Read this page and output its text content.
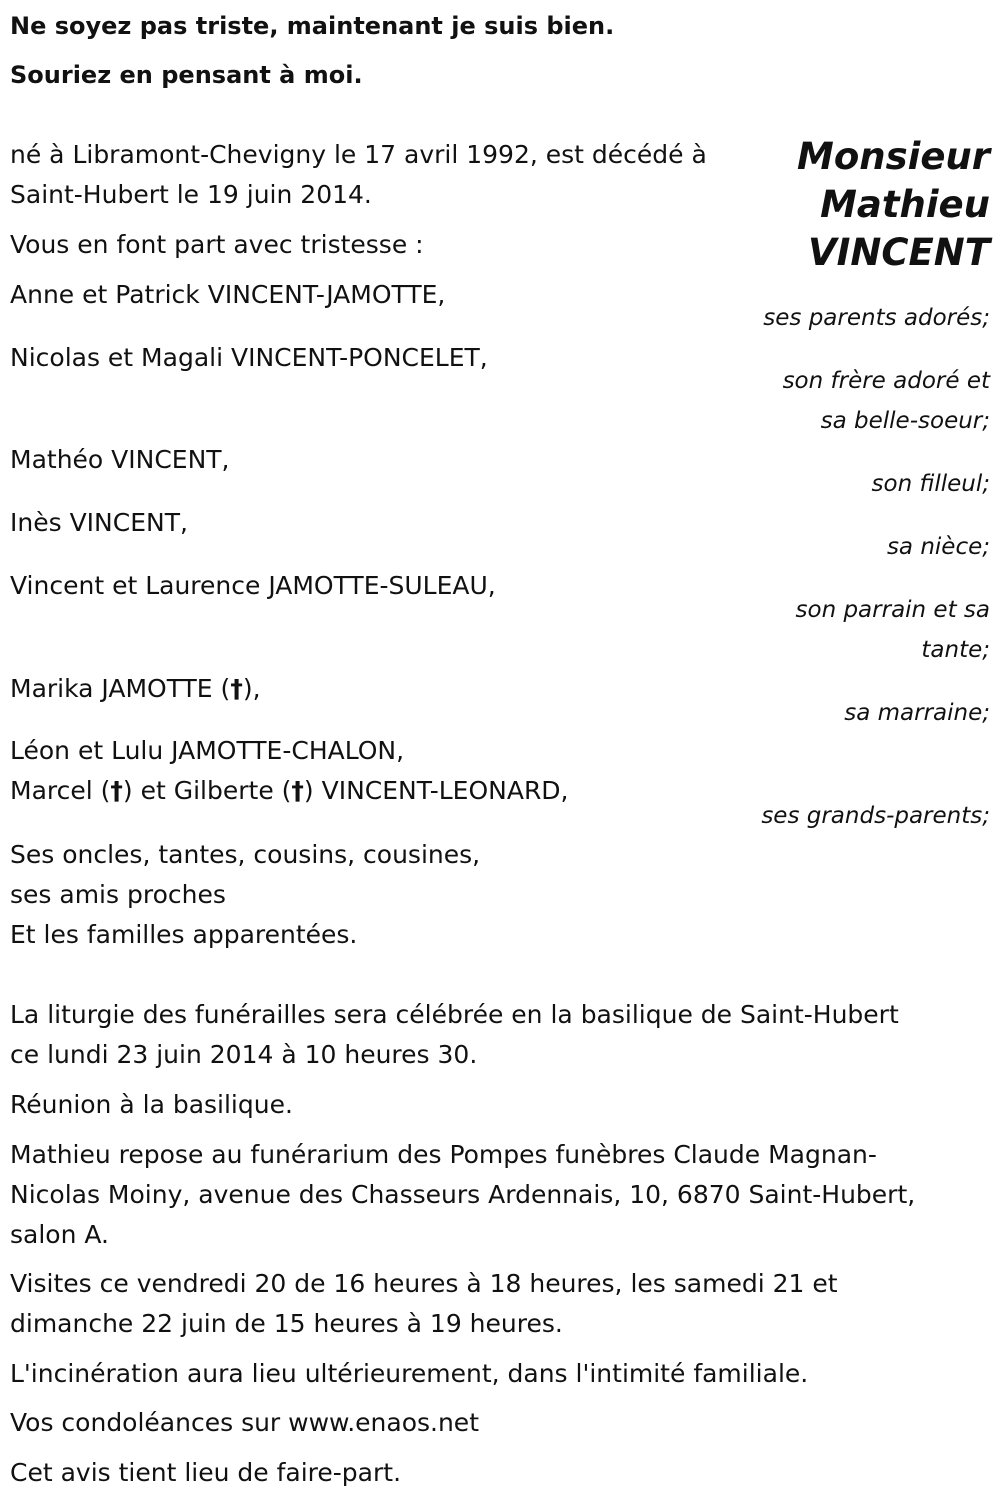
Ne soyez pas triste, maintenant je suis bien.
Souriez en pensant à moi.
Monsieur
Mathieu
VINCENT
né à Libramont-Chevigny le 17 avril 1992, est décédé à
Saint-Hubert le 19 juin 2014.
Vous en font part avec tristesse :
Anne et Patrick VINCENT-JAMOTTE,
Nicolas et Magali VINCENT-PONCELET,
Mathéo VINCENT,
Inès VINCENT,
Vincent et Laurence JAMOTTE-SULEAU,
Marika JAMOTTE (†),
Léon et Lulu JAMOTTE-CHALON,
Marcel (†) et Gilberte (†) VINCENT-LEONARD,
Ses oncles, tantes, cousins, cousines,
ses amis proches
Et les familles apparentées.
ses parents adorés;
son frère adoré et
sa belle-soeur;
son filleul;
sa nièce;
son parrain et sa
tante;
sa marraine;
ses grands-parents;
La liturgie des funérailles sera célébrée en la basilique de Saint-Hubert
ce lundi 23 juin 2014 à 10 heures 30.
Réunion à la basilique.
Mathieu repose au funérarium des Pompes funèbres Claude Magnan-
Nicolas Moiny, avenue des Chasseurs Ardennais, 10, 6870 Saint-Hubert,
salon A.
Visites ce vendredi 20 de 16 heures à 18 heures, les samedi 21 et
dimanche 22 juin de 15 heures à 19 heures.
L'incinération aura lieu ultérieurement, dans l'intimité familiale.
Vos condoléances sur www.enaos.net
Cet avis tient lieu de faire-part.
